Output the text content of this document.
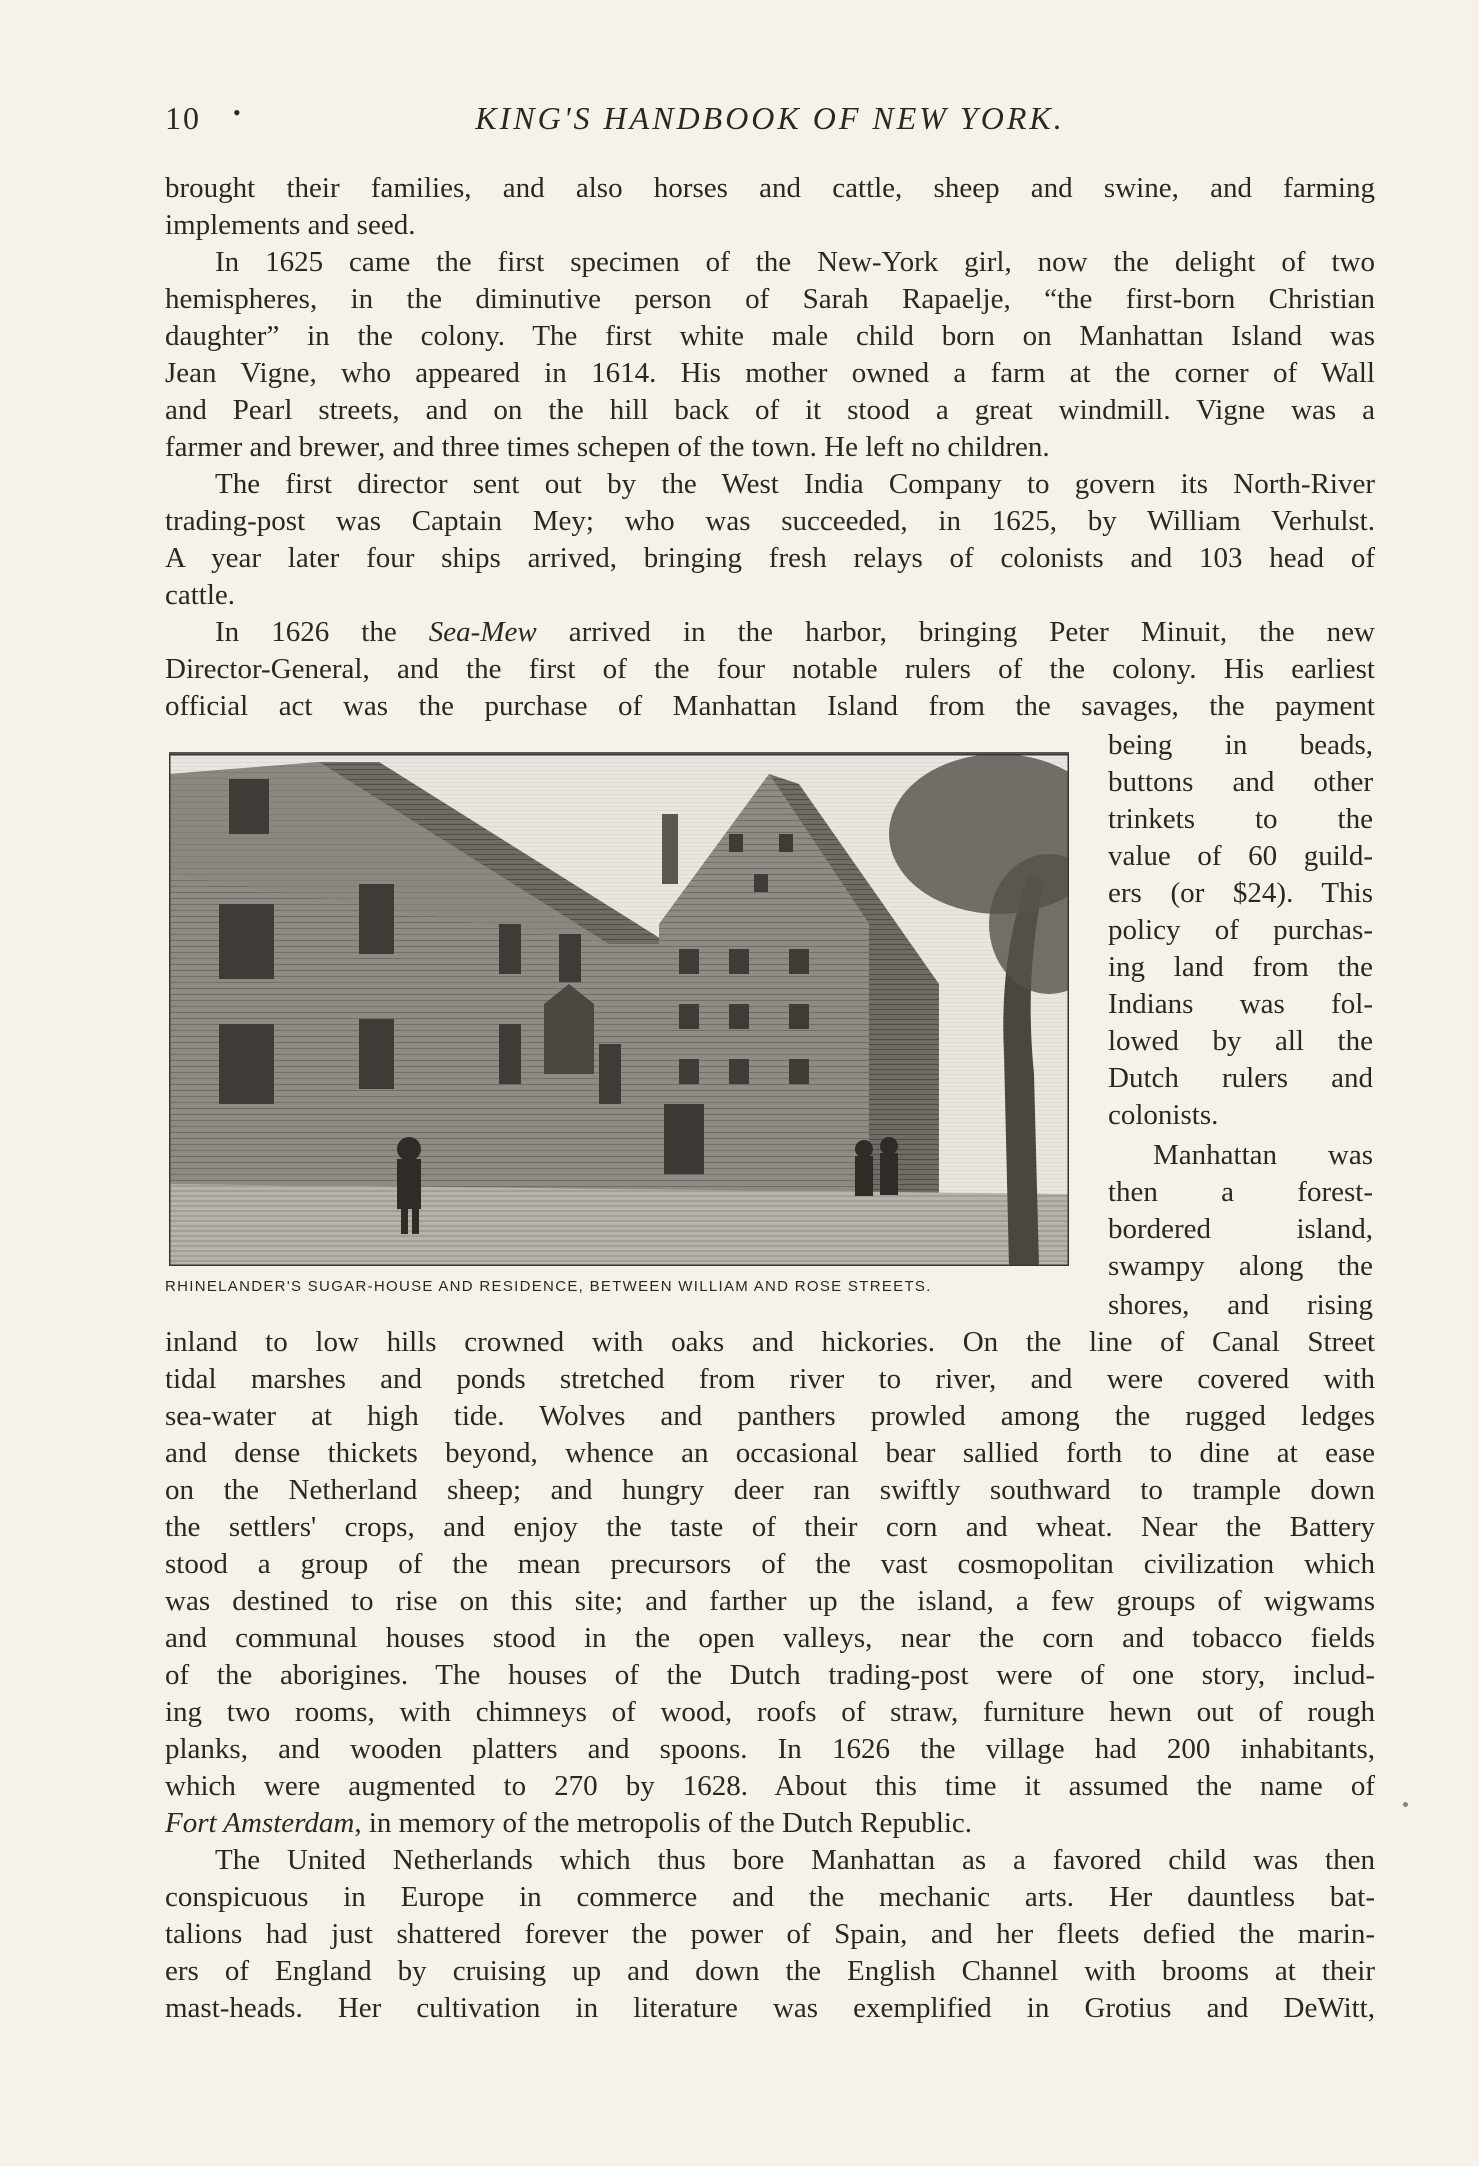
10 •	KING'S HANDBOOK OF NEW YORK.
brought their families, and also horses and cattle, sheep and swine, and farming
implements and seed.
In 1625 came the first specimen of the New-York girl, now the delight of two
hemispheres, in the diminutive person of Sarah Rapaelje, “the first-born Christian
daughter” in the colony. The first white male child born on Manhattan Island was
Jean Vigne, who appeared in 1614. His mother owned a farm at the corner of Wall
and Pearl streets, and on the hill back of it stood a great windmill. Vigne was a
farmer and brewer, and three times schepen of the town. He left no children.
The first director sent out by the West India Company to govern its North-River
trading-post was Captain Mey; who was succeeded, in 1625, by William Verhulst.
A year later four ships arrived, bringing fresh relays of colonists and 103 head of
cattle.
In 1626 the Sea-Mew arrived in the harbor, bringing Peter Minuit, the new
Director-General, and the first of the four notable rulers of the colony. His earliest
official act was the purchase of Manhattan Island from the savages, the payment
being in beads,
buttons and other
trinkets to the
value of 60 guild-
ers (or $24). This
policy of purchas-
ing land from the
Indians was fol-
lowed by all the
Dutch rulers and
colonists.
Manhattan was
then a forest-
bordered island,
swampy along the
shores, and rising
RHINELANDER'S SUGAR-HOUSE AND RESIDENCE, BETWEEN WILLIAM AND ROSE STREETS.
inland to low hills crowned with oaks and hickories. On the line of Canal Street
tidal marshes and ponds stretched from river to river, and were covered with
sea-water at high tide. Wolves and panthers prowled among the rugged ledges
and dense thickets beyond, whence an occasional bear sallied forth to dine at ease
on the Netherland sheep; and hungry deer ran swiftly southward to trample down
the settlers' crops, and enjoy the taste of their corn and wheat. Near the Battery
stood a group of the mean precursors of the vast cosmopolitan civilization which
was destined to rise on this site; and farther up the island, a few groups of wigwams
and communal houses stood in the open valleys, near the corn and tobacco fields
of the aborigines. The houses of the Dutch trading-post were of one story, includ-
ing two rooms, with chimneys of wood, roofs of straw, furniture hewn out of rough
planks, and wooden platters and spoons. In 1626 the village had 200 inhabitants,
which were augmented to 270 by 1628. About this time it assumed the name of
Fort Amsterdam, in memory of the metropolis of the Dutch Republic.
The United Netherlands which thus bore Manhattan as a favored child was then
conspicuous in Europe in commerce and the mechanic arts. Her dauntless bat-
talions had just shattered forever the power of Spain, and her fleets defied the marin-
ers of England by cruising up and down the English Channel with brooms at their
mast-heads. Her cultivation in literature was exemplified in Grotius and DeWitt,
